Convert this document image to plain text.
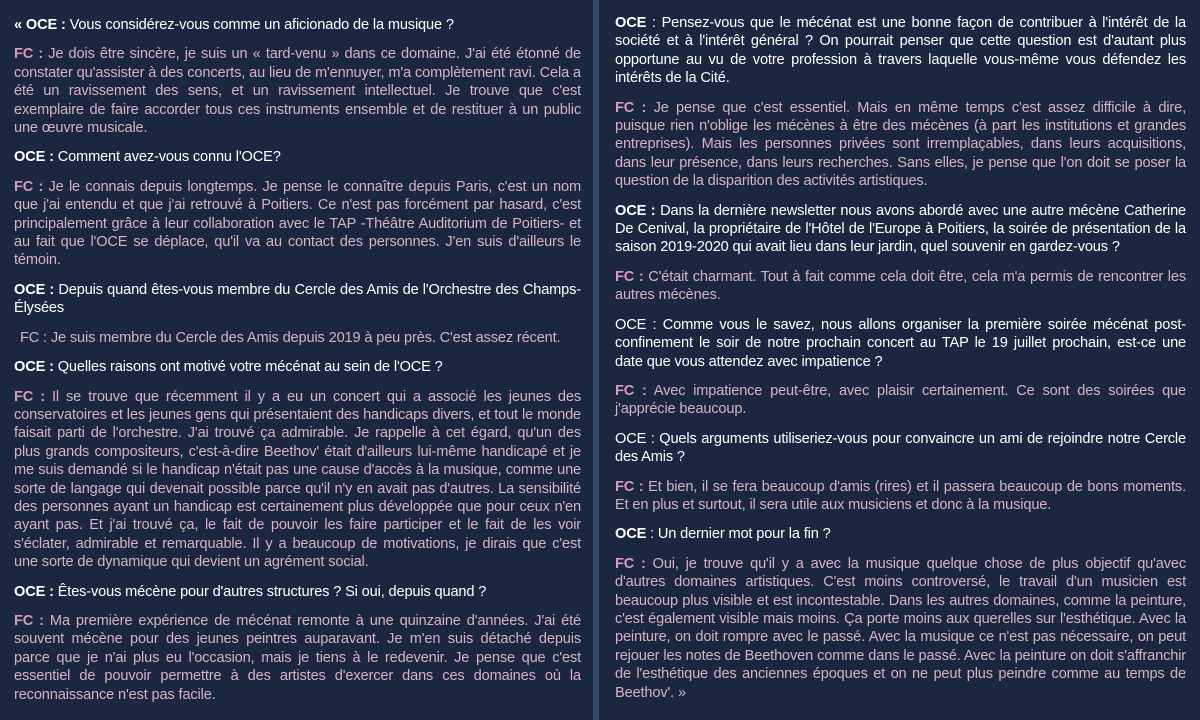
« OCE : Vous considérez-vous comme un aficionado de la musique ?

FC : Je dois être sincère, je suis un « tard-venu » dans ce domaine. J'ai été étonné de constater qu'assister à des concerts, au lieu de m'ennuyer, m'a complètement ravi. Cela a été un ravissement des sens, et un ravissement intellectuel. Je trouve que c'est exemplaire de faire accorder tous ces instruments ensemble et de restituer à un public une œuvre musicale.

OCE : Comment avez-vous connu l'OCE?

FC : Je le connais depuis longtemps. Je pense le connaître depuis Paris, c'est un nom que j'ai entendu et que j'ai retrouvé à Poitiers. Ce n'est pas forcément par hasard, c'est principalement grâce à leur collaboration avec le TAP -Théâtre Auditorium de Poitiers- et au fait que l'OCE se déplace, qu'il va au contact des personnes. J'en suis d'ailleurs le témoin.

OCE : Depuis quand êtes-vous membre du Cercle des Amis de l'Orchestre des Champs- Élysées

FC : Je suis membre du Cercle des Amis depuis 2019 à peu près. C'est assez récent.

OCE : Quelles raisons ont motivé votre mécénat au sein de l'OCE ?

FC : Il se trouve que récemment il y a eu un concert qui a associé les jeunes des conservatoires et les jeunes gens qui présentaient des handicaps divers, et tout le monde faisait parti de l'orchestre. J'ai trouvé ça admirable. Je rappelle à cet égard, qu'un des plus grands compositeurs, c'est-à-dire Beethov' était d'ailleurs lui-même handicapé et je me suis demandé si le handicap n'était pas une cause d'accès à la musique, comme une sorte de langage qui devenait possible parce qu'il n'y en avait pas d'autres. La sensibilité des personnes ayant un handicap est certainement plus développée que pour ceux n'en ayant pas. Et j'ai trouvé ça, le fait de pouvoir les faire participer et le fait de les voir s'éclater, admirable et remarquable. Il y a beaucoup de motivations, je dirais que c'est une sorte de dynamique qui devient un agrément social.

OCE : Êtes-vous mécène pour d'autres structures ? Si oui, depuis quand ?

FC : Ma première expérience de mécénat remonte à une quinzaine d'années. J'ai été souvent mécène pour des jeunes peintres auparavant. Je m'en suis détaché depuis parce que je n'ai plus eu l'occasion, mais je tiens à le redevenir. Je pense que c'est essentiel de pouvoir permettre à des artistes d'exercer dans ces domaines où la reconnaissance n'est pas facile.

OCE : Pensez-vous que le mécénat est une bonne façon de contribuer à l'intérêt de la société et à l'intérêt général ? On pourrait penser que cette question est d'autant plus opportune au vu de votre profession à travers laquelle vous-même vous défendez les intérêts de la Cité.

FC : Je pense que c'est essentiel. Mais en même temps c'est assez difficile à dire, puisque rien n'oblige les mécènes à être des mécènes (à part les institutions et grandes entreprises). Mais les personnes privées sont irremplaçables, dans leurs acquisitions, dans leur présence, dans leurs recherches. Sans elles, je pense que l'on doit se poser la question de la disparition des activités artistiques.

OCE : Dans la dernière newsletter nous avons abordé avec une autre mécène Catherine De Cenival, la propriétaire de l'Hôtel de l'Europe à Poitiers, la soirée de présentation de la saison 2019-2020 qui avait lieu dans leur jardin, quel souvenir en gardez-vous ?

FC : C'était charmant. Tout à fait comme cela doit être, cela m'a permis de rencontrer les autres mécènes.

OCE : Comme vous le savez, nous allons organiser la première soirée mécénat post- confinement le soir de notre prochain concert au TAP le 19 juillet prochain, est-ce une date que vous attendez avec impatience ?

FC : Avec impatience peut-être, avec plaisir certainement. Ce sont des soirées que j'apprécie beaucoup.

OCE : Quels arguments utiliseriez-vous pour convaincre un ami de rejoindre notre Cercle des Amis ?

FC : Et bien, il se fera beaucoup d'amis (rires) et il passera beaucoup de bons moments. Et en plus et surtout, il sera utile aux musiciens et donc à la musique.

OCE : Un dernier mot pour la fin ?

FC : Oui, je trouve qu'il y a avec la musique quelque chose de plus objectif qu'avec d'autres domaines artistiques. C'est moins controversé, le travail d'un musicien est beaucoup plus visible et est incontestable. Dans les autres domaines, comme la peinture, c'est également visible mais moins. Ça porte moins aux querelles sur l'esthétique. Avec la peinture, on doit rompre avec le passé. Avec la musique ce n'est pas nécessaire, on peut rejouer les notes de Beethoven comme dans le passé. Avec la peinture on doit s'affranchir de l'esthétique des anciennes époques et on ne peut plus peindre comme au temps de Beethov'. »
